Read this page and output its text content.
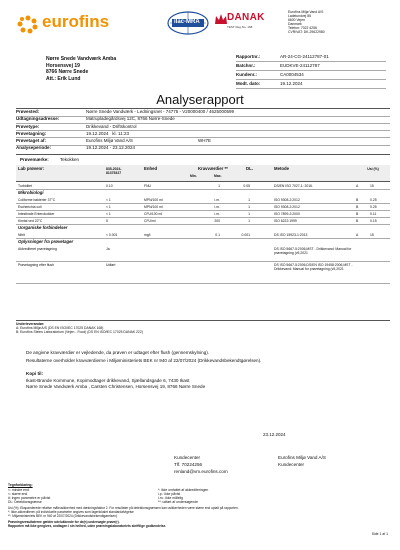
eurofins	ilac-MRA	DANAK
TEST Reg.No. 168
Eurofins Miljø Vand A/S
Ladelundvej 85
6600 Vejen
Danmark
Telefon: 7022 4256
CVR/VAT: DK-29622980
Nørre Snede Vandværk Amba
Horsensvej 19
8766 Nørre Snede
Att.: Erik Lund
Rapportnr.:	AR-24-CG-24112787-01
Batchnr.:	EUDKVE-24112787
Kundenr.:	CA0004534
Modt. dato:	19.12.2024
Analyserapport
Prøvested:	Nørre Snede Vandværk - Ledningsnet - 74775 - V20000400 / 4625000599
Udtagningsadresse:	Matrupladegårdsvej 12C, 8766 Nørre-Snede
Prøvetype:	Drikkevand - Driftskontrol
Prøvetagning:	19.12.2024   kl. 11:23
Prøvetaget af:	Eurofins Miljø Vand A/S	WH7E
Analyseperiode:	19.12.2024 - 23.12.2024
Prøvemærke: Tekokken
Lab prøvenr:	835-2024-81375327
Enhed	Kravværdier **
Min.	Max.
DL.	Metode	Usi (%)
Turbiditet	0.10	FNU	1	0.05	DS/EN ISO 7027-1: 2016.	A	15
Mikrobiologi
Coliforme bakterier 37°C	< 1	MPN/100 ml	i.m.	1	ISO 9308-2:2012	B	0.25
Escherichia coli	< 1	MPN/100 ml	i.m.	1	ISO 9308-2:2012	B	0.25
Intestinale Enterokokker	< 1	CFU/100 ml	i.m.	1	ISO 7899-2:2000	B	0.11
Kimtal ved 22°C	5	CFU/ml	200	1	ISO 6222:1999	B	0.15
Uorganiske forbindelser
Nitrit	< 0.001	mg/l	0.1	0.001	DS ISO 15923-1:2013	A	15
Oplysninger fra prøvetager
Akkrediteret prøvetagning	Ja	DS ISO 5667-5:2006,MST - Drikkevand: Manual for prøvetagning (v5,2021
Prøvetagning efter flush	Udført	DS ISO 5667-5:2006,DS/EN ISO 19458:2006,MST - Drikkevand: Manual for prøvetagning (v5,2021
Underleverandør:
A: Eurofins Miljø A/S (DS EN ISO/IEC 17025 DANAK 168)
B: Eurofins Steins Laboratorium (Vejen - Food) (DS EN ISO/IEC 17025 DANAK 222)
De angivne kravværdier er vejledende, da prøven er udtaget efter flush (gennemskylning).
Resultaterne overholder kravværdierne i Miljøministeriets BEK nr 940 af 22/07/2024 (Drikkevandsbekendtgørelsen).
Kopi til:
Ikast-Brande Kommune, Kopimodtager drikkevand, Sjællandsgade 6, 7430 Ikast
Nørre Snede Vandværk Amba , Carsten Christensen, Horsensvej 19, 8766 Nørre Snede
23.12.2024
Kundecenter
Tlf. 70224256
renland@vm.eurofins.com
Eurofins Miljø Vand A/S
Kundecenter
Tegnforklaring:
<: mindre end
<: større end
#: ingen parametre er påvist
DL: Detektionsgrænse
*: ikke omfattet af akkrediteringen
i.p.: ikke påvist
i.m.: ikke målelig
**: udført af undersøgende
Usi (%): Ekspanderede relative måleusikkerhed med dækningsfaktor 2. For resultater på detektionsgrænsen kan usikkerheden være større end optalt på rapporten.
*: Ikke-akkrediteret: på individuelle parametre angives som lagerlokalet standardafvigelse
**: Miljøministeriets BEK nr 940 af 22/07/2024 (Drikkevandsbekendtgørelsen)
Prøvningsresultaterne gælder udelukkende for de(n) undersøgte prøve(r).
Rapporten må ikke gengives, undtagen i sin helhed, uden prøvningslaboratoriets skriftlige godkendelse.
Side 1 af 1
